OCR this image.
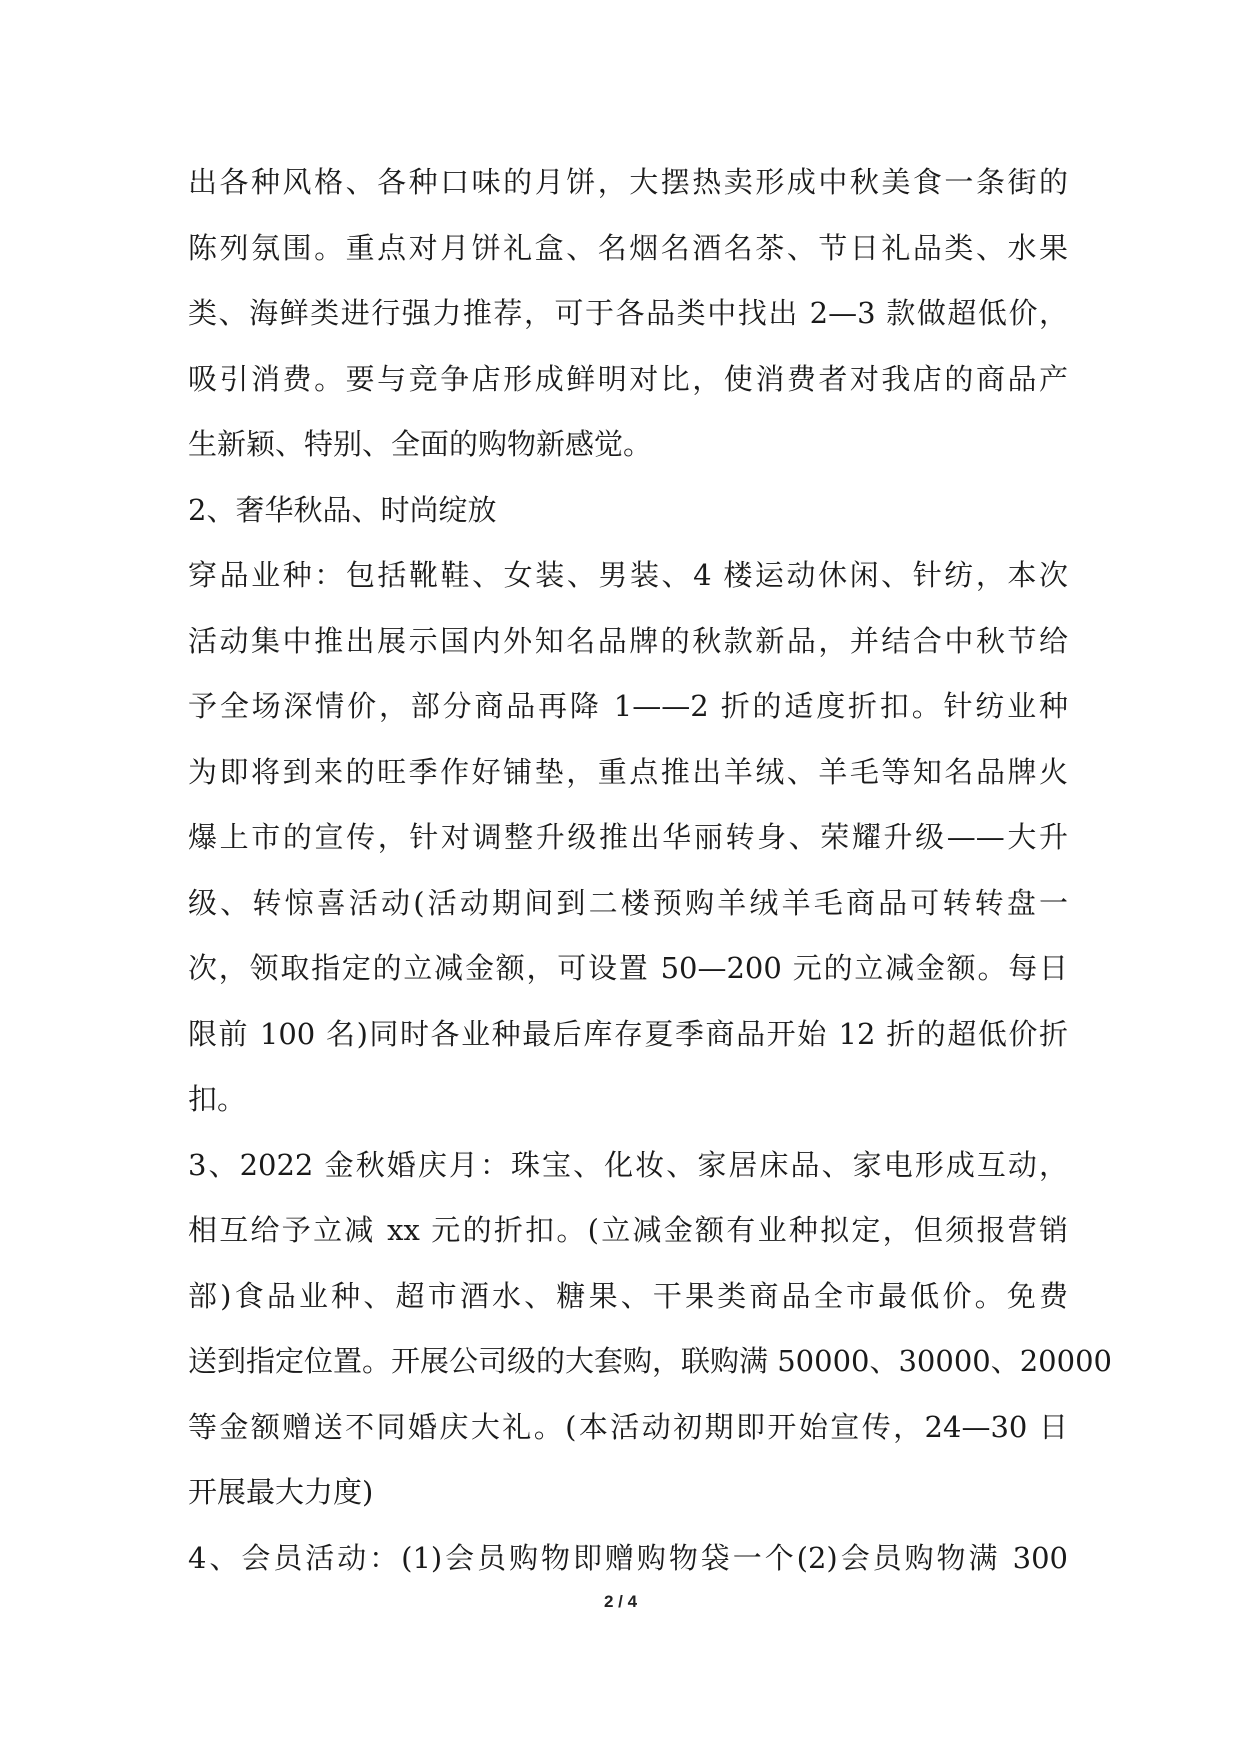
出各种风格、各种口味的月饼，大摆热卖形成中秋美食一条街的
陈列氛围。重点对月饼礼盒、名烟名酒名茶、节日礼品类、水果
类、海鲜类进行强力推荐，可于各品类中找出 2—3 款做超低价，
吸引消费。要与竞争店形成鲜明对比，使消费者对我店的商品产
生新颖、特别、全面的购物新感觉。
2、奢华秋品、时尚绽放
穿品业种：包括靴鞋、女装、男装、4 楼运动休闲、针纺，本次
活动集中推出展示国内外知名品牌的秋款新品，并结合中秋节给
予全场深情价，部分商品再降 1——2 折的适度折扣。针纺业种
为即将到来的旺季作好铺垫，重点推出羊绒、羊毛等知名品牌火
爆上市的宣传，针对调整升级推出华丽转身、荣耀升级——大升
级、转惊喜活动(活动期间到二楼预购羊绒羊毛商品可转转盘一
次，领取指定的立减金额，可设置 50—200 元的立减金额。每日
限前 100 名)同时各业种最后库存夏季商品开始 12 折的超低价折
扣。
3、2022 金秋婚庆月：珠宝、化妆、家居床品、家电形成互动，
相互给予立减 xx 元的折扣。(立减金额有业种拟定，但须报营销
部)食品业种、超市酒水、糖果、干果类商品全市最低价。免费
送到指定位置。开展公司级的大套购，联购满 50000、30000、20000
等金额赠送不同婚庆大礼。(本活动初期即开始宣传，24—30 日
开展最大力度)
4、会员活动：(1)会员购物即赠购物袋一个(2)会员购物满 300
2 / 4
